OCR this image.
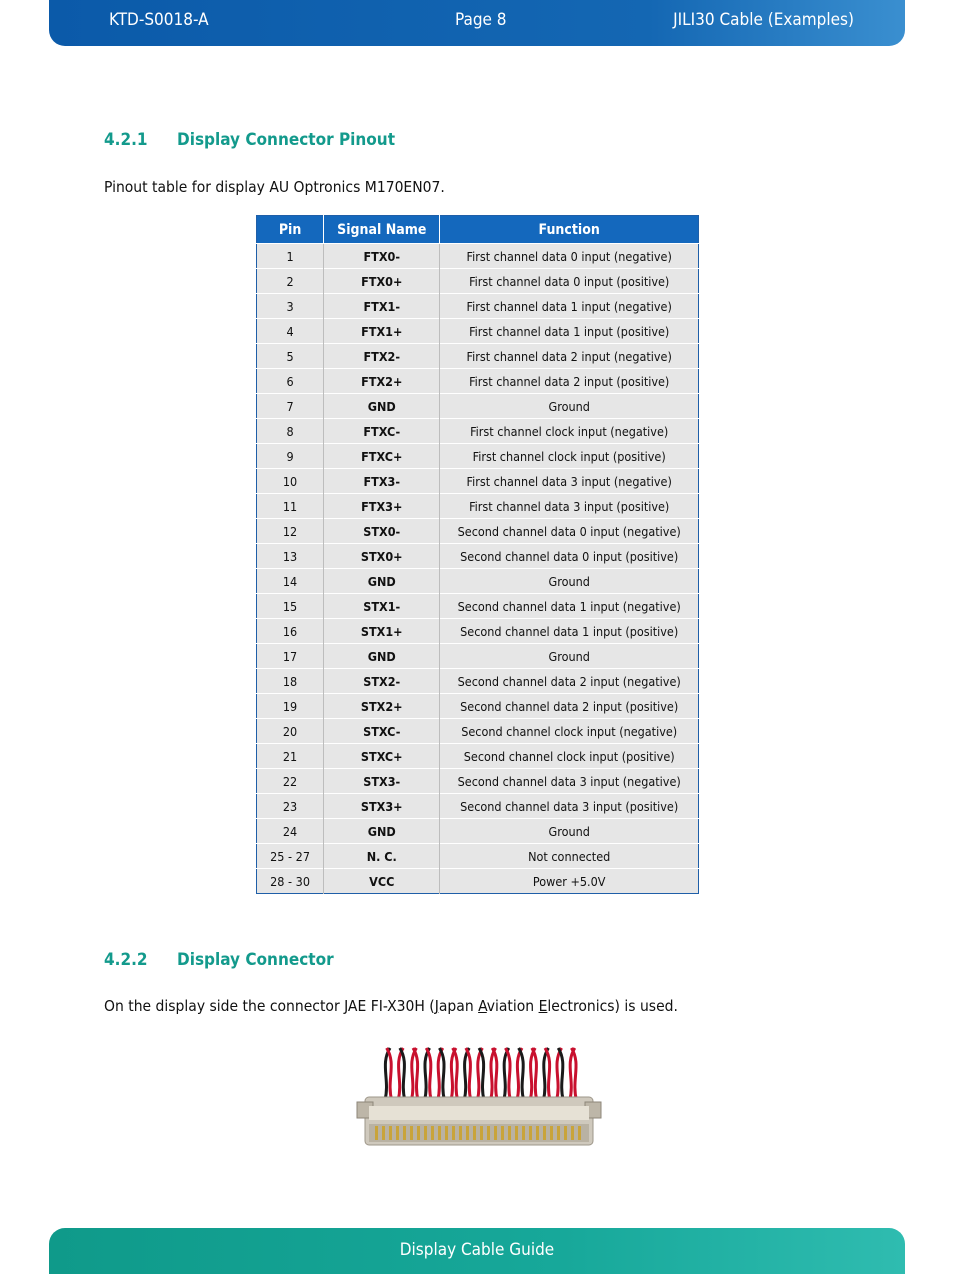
KTD-S0018-A	Page 8	JILI30 Cable (Examples)
4.2.1 Display Connector Pinout
Pinout table for display AU Optronics M170EN07.
Pin	Signal Name	Function
1	FTX0-	First channel data 0 input (negative)
2	FTX0+	First channel data 0 input (positive)
3	FTX1-	First channel data 1 input (negative)
4	FTX1+	First channel data 1 input (positive)
5	FTX2-	First channel data 2 input (negative)
6	FTX2+	First channel data 2 input (positive)
7	GND	Ground
8	FTXC-	First channel clock input (negative)
9	FTXC+	First channel clock input (positive)
10	FTX3-	First channel data 3 input (negative)
11	FTX3+	First channel data 3 input (positive)
12	STX0-	Second channel data 0 input (negative)
13	STX0+	Second channel data 0 input (positive)
14	GND	Ground
15	STX1-	Second channel data 1 input (negative)
16	STX1+	Second channel data 1 input (positive)
17	GND	Ground
18	STX2-	Second channel data 2 input (negative)
19	STX2+	Second channel data 2 input (positive)
20	STXC-	Second channel clock input (negative)
21	STXC+	Second channel clock input (positive)
22	STX3-	Second channel data 3 input (negative)
23	STX3+	Second channel data 3 input (positive)
24	GND	Ground
25 - 27	N. C.	Not connected
28 - 30	VCC	Power +5.0V
4.2.2 Display Connector
On the display side the connector JAE FI-X30H (Japan Aviation Electronics) is used.
Display Cable Guide
